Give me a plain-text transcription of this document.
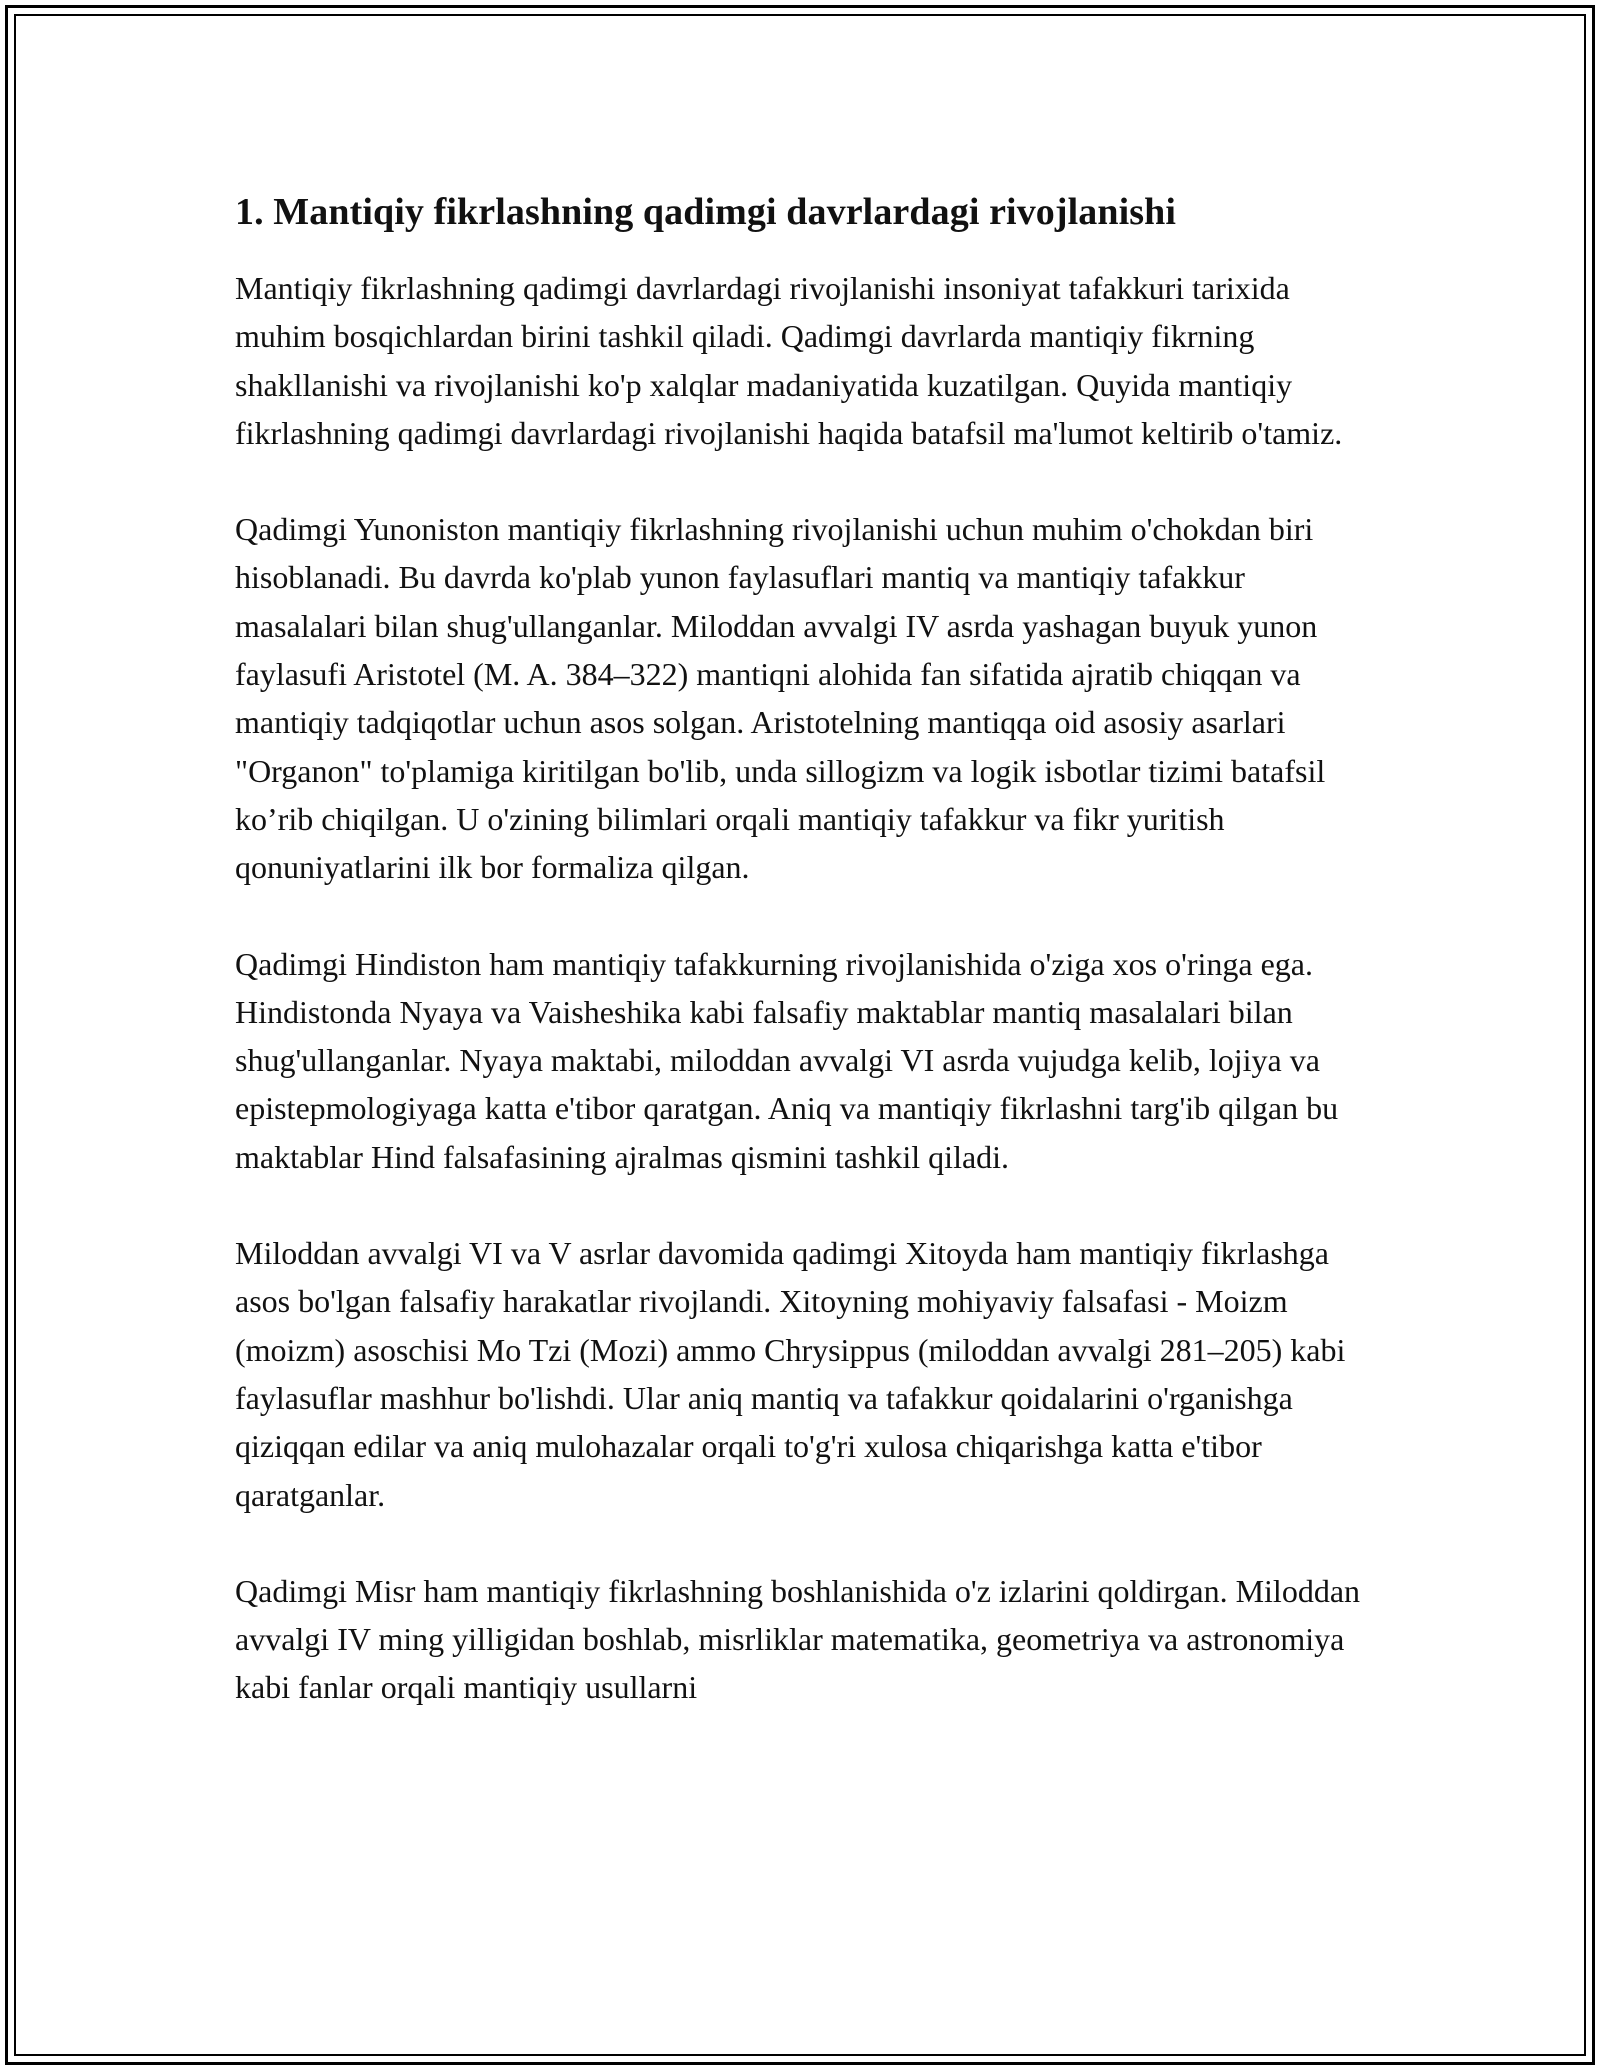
1. Mantiqiy fikrlashning qadimgi davrlardagi rivojlanishi

Mantiqiy fikrlashning qadimgi davrlardagi rivojlanishi insoniyat tafakkuri tarixida muhim bosqichlardan birini tashkil qiladi. Qadimgi davrlarda mantiqiy fikrning shakllanishi va rivojlanishi ko'p xalqlar madaniyatida kuzatilgan. Quyida mantiqiy fikrlashning qadimgi davrlardagi rivojlanishi haqida batafsil ma'lumot keltirib o'tamiz.

Qadimgi Yunoniston mantiqiy fikrlashning rivojlanishi uchun muhim o'chokdan biri hisoblanadi. Bu davrda ko'plab yunon faylasuflari mantiq va mantiqiy tafakkur masalalari bilan shug'ullanganlar. Miloddan avvalgi IV asrda yashagan buyuk yunon faylasufi Aristotel (M. A. 384–322) mantiqni alohida fan sifatida ajratib chiqqan va mantiqiy tadqiqotlar uchun asos solgan. Aristotelning mantiqqa oid asosiy asarlari "Organon" to'plamiga kiritilgan bo'lib, unda sillogizm va logik isbotlar tizimi batafsil ko’rib chiqilgan. U o'zining bilimlari orqali mantiqiy tafakkur va fikr yuritish qonuniyatlarini ilk bor formaliza qilgan.

Qadimgi Hindiston ham mantiqiy tafakkurning rivojlanishida o'ziga xos o'ringa ega. Hindistonda Nyaya va Vaisheshika kabi falsafiy maktablar mantiq masalalari bilan shug'ullanganlar. Nyaya maktabi, miloddan avvalgi VI asrda vujudga kelib, lojiya va epistepmologiyaga katta e'tibor qaratgan. Aniq va mantiqiy fikrlashni targ'ib qilgan bu maktablar Hind falsafasining ajralmas qismini tashkil qiladi.

Miloddan avvalgi VI va V asrlar davomida qadimgi Xitoyda ham mantiqiy fikrlashga asos bo'lgan falsafiy harakatlar rivojlandi. Xitoyning mohiyaviy falsafasi - Moizm (moizm) asoschisi Mo Tzi (Mozi) ammo Chrysippus (miloddan avvalgi 281–205) kabi faylasuflar mashhur bo'lishdi. Ular aniq mantiq va tafakkur qoidalarini o'rganishga qiziqqan edilar va aniq mulohazalar orqali to'g'ri xulosa chiqarishga katta e'tibor qaratganlar.

Qadimgi Misr ham mantiqiy fikrlashning boshlanishida o'z izlarini qoldirgan. Miloddan avvalgi IV ming yilligidan boshlab, misrliklar matematika, geometriya va astronomiya kabi fanlar orqali mantiqiy usullarni
